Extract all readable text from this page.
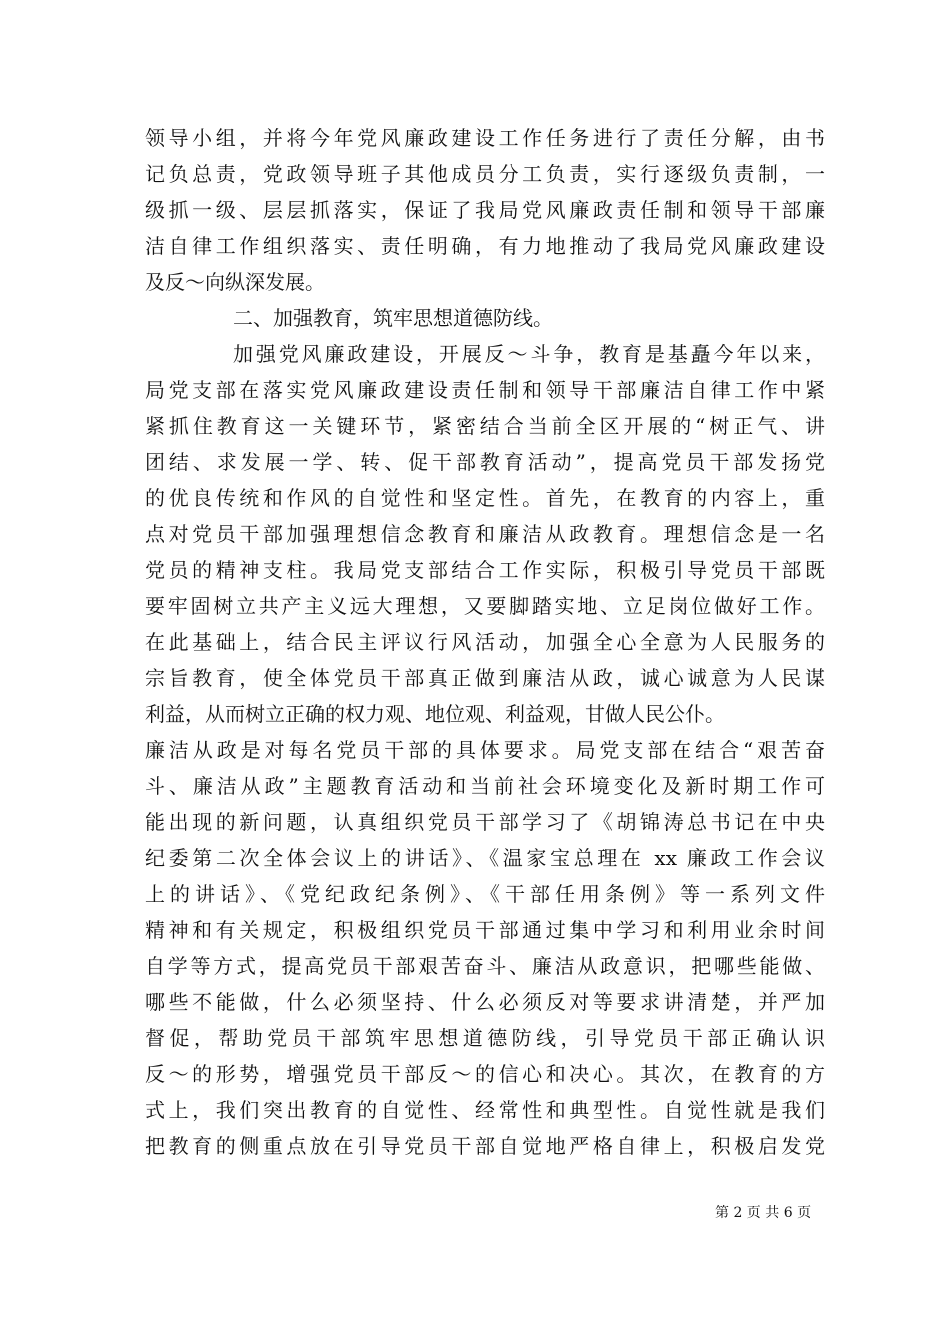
领导小组，并将今年党风廉政建设工作任务进行了责任分解，由书
记负总责，党政领导班子其他成员分工负责，实行逐级负责制，一
级抓一级、层层抓落实，保证了我局党风廉政责任制和领导干部廉
洁自律工作组织落实、责任明确，有力地推动了我局党风廉政建设
及反～向纵深发展。
二、加强教育，筑牢思想道德防线。
加强党风廉政建设，开展反～斗争，教育是基矗今年以来，
局党支部在落实党风廉政建设责任制和领导干部廉洁自律工作中紧
紧抓住教育这一关键环节，紧密结合当前全区开展的“树正气、讲
团结、求发展一学、转、促干部教育活动”，提高党员干部发扬党
的优良传统和作风的自觉性和坚定性。首先，在教育的内容上，重
点对党员干部加强理想信念教育和廉洁从政教育。理想信念是一名
党员的精神支柱。我局党支部结合工作实际，积极引导党员干部既
要牢固树立共产主义远大理想，又要脚踏实地、立足岗位做好工作。
在此基础上，结合民主评议行风活动，加强全心全意为人民服务的
宗旨教育，使全体党员干部真正做到廉洁从政，诚心诚意为人民谋
利益，从而树立正确的权力观、地位观、利益观，甘做人民公仆。
廉洁从政是对每名党员干部的具体要求。局党支部在结合“艰苦奋
斗、廉洁从政”主题教育活动和当前社会环境变化及新时期工作可
能出现的新问题，认真组织党员干部学习了《胡锦涛总书记在中央
纪委第二次全体会议上的讲话》、《温家宝总理在 xx 廉政工作会议
上的讲话》、《党纪政纪条例》、《干部任用条例》等一系列文件
精神和有关规定，积极组织党员干部通过集中学习和利用业余时间
自学等方式，提高党员干部艰苦奋斗、廉洁从政意识，把哪些能做、
哪些不能做，什么必须坚持、什么必须反对等要求讲清楚，并严加
督促，帮助党员干部筑牢思想道德防线，引导党员干部正确认识
反～的形势，增强党员干部反～的信心和决心。其次，在教育的方
式上，我们突出教育的自觉性、经常性和典型性。自觉性就是我们
把教育的侧重点放在引导党员干部自觉地严格自律上，积极启发党
第 2 页 共 6 页
